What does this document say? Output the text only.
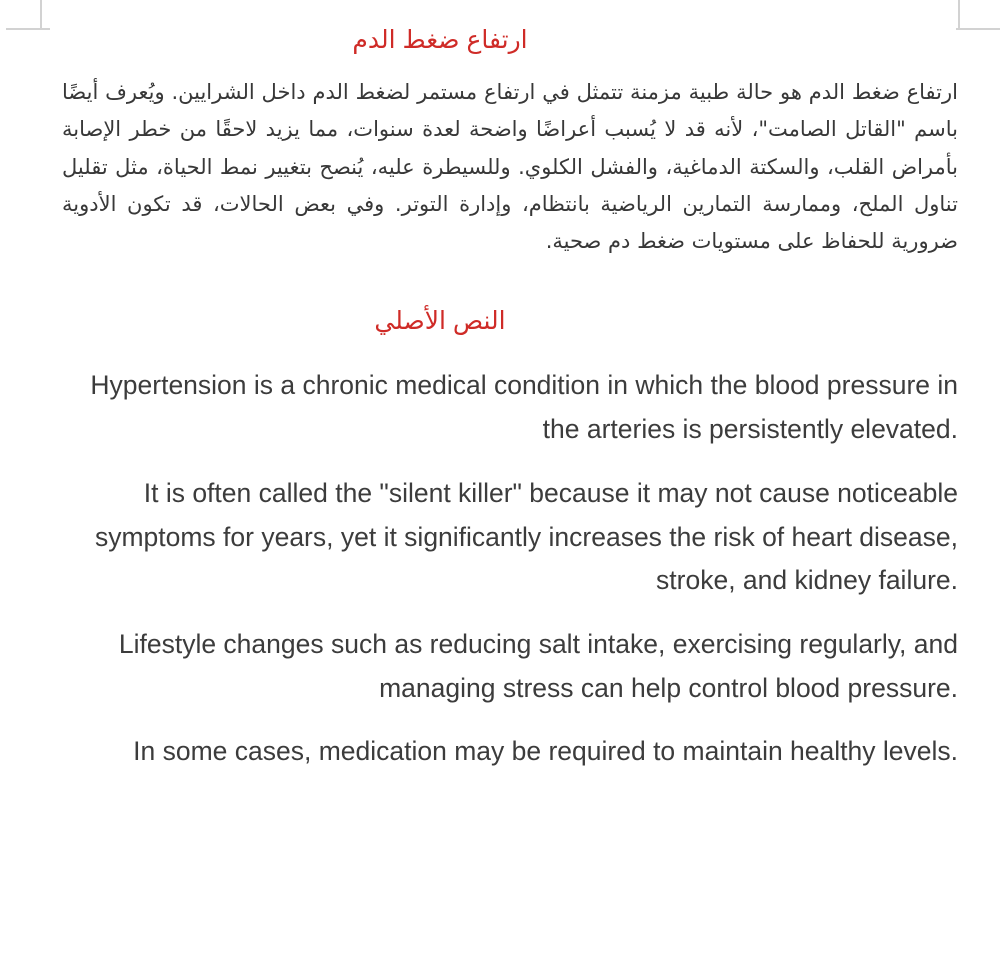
ارتفاع ضغط الدم

ارتفاع ضغط الدم هو حالة طبية مزمنة تتمثل في ارتفاع مستمر لضغط الدم داخل الشرايين. ويُعرف أيضًا باسم "القاتل الصامت"، لأنه قد لا يُسبب أعراضًا واضحة لعدة سنوات، مما يزيد لاحقًا من خطر الإصابة بأمراض القلب، والسكتة الدماغية، والفشل الكلوي. وللسيطرة عليه، يُنصح بتغيير نمط الحياة، مثل تقليل تناول الملح، وممارسة التمارين الرياضية بانتظام، وإدارة التوتر. وفي بعض الحالات، قد تكون الأدوية ضرورية للحفاظ على مستويات ضغط دم صحية.

النص الأصلي

Hypertension is a chronic medical condition in which the blood pressure in the arteries is persistently elevated.

It is often called the "silent killer" because it may not cause noticeable symptoms for years, yet it significantly increases the risk of heart disease, stroke, and kidney failure.

Lifestyle changes such as reducing salt intake, exercising regularly, and managing stress can help control blood pressure.

In some cases, medication may be required to maintain healthy levels.
